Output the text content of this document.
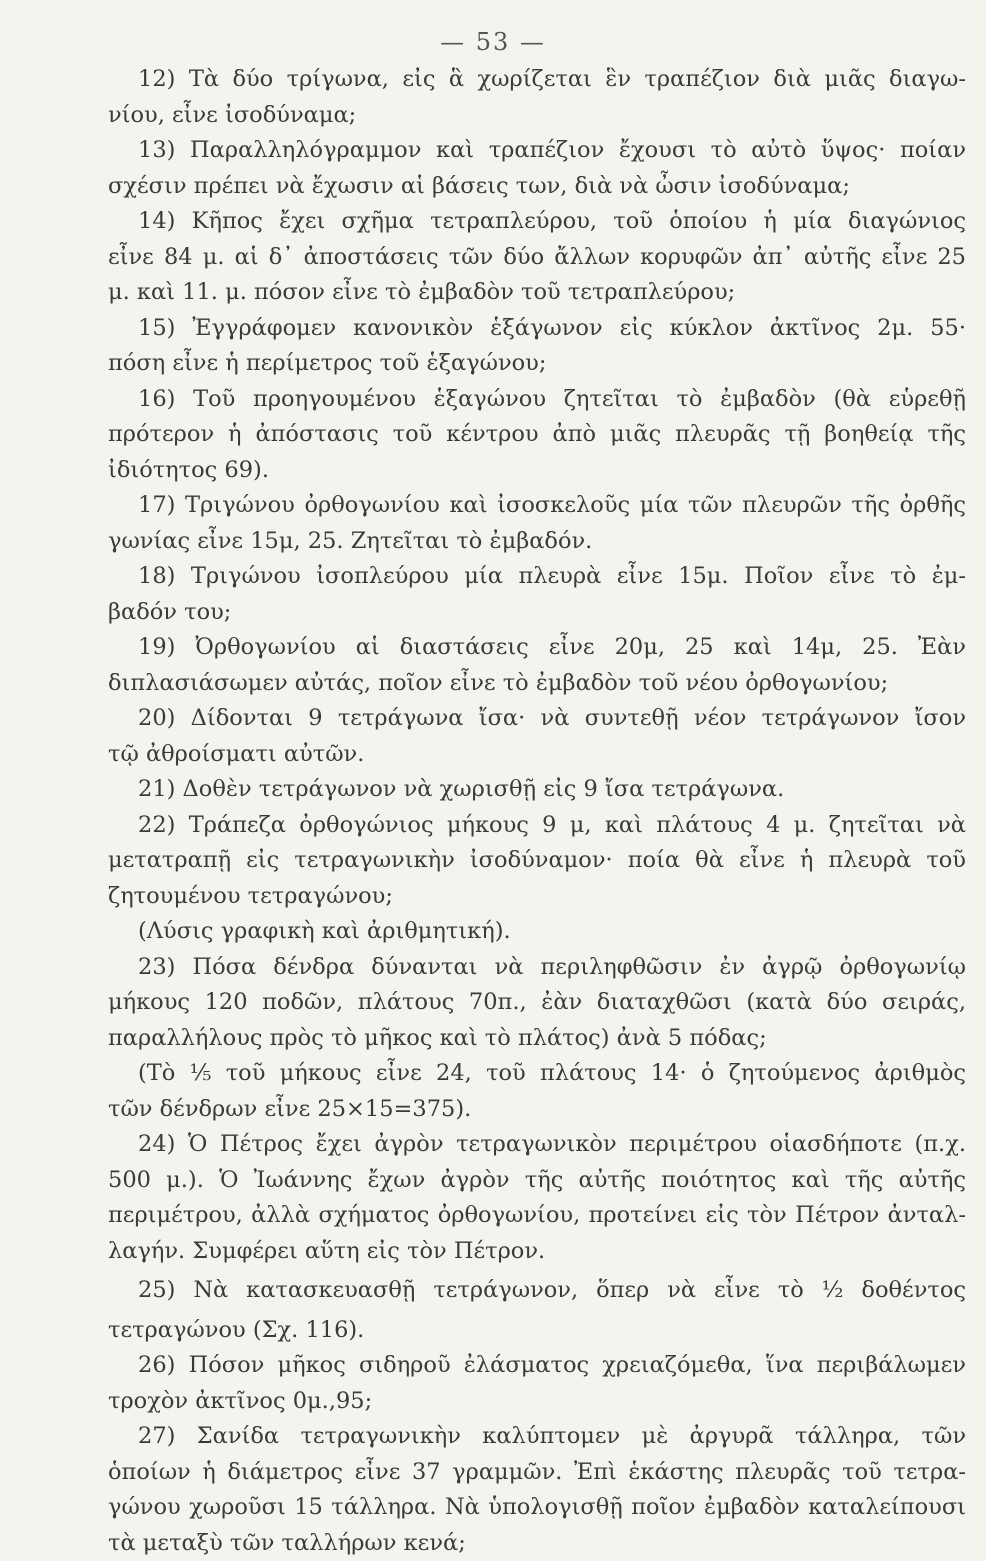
— 53 —
12) Τὰ δύο τρίγωνα, εἰς ἃ χωρίζεται ἓν τραπέζιον διὰ μιᾶς διαγω-
νίου, εἶνε ἰσοδύναμα;
13) Παραλληλόγραμμον καὶ τραπέζιον ἔχουσι τὸ αὐτὸ ὕψος· ποίαν
σχέσιν πρέπει νὰ ἔχωσιν αἱ βάσεις των, διὰ νὰ ὦσιν ἰσοδύναμα;
14) Κῆπος ἔχει σχῆμα τετραπλεύρου, τοῦ ὁποίου ἡ μία διαγώνιος
εἶνε 84 μ. αἱ δ᾽ ἀποστάσεις τῶν δύο ἄλλων κορυφῶν ἀπ᾽ αὐτῆς εἶνε 25
μ. καὶ 11. μ. πόσον εἶνε τὸ ἐμβαδὸν τοῦ τετραπλεύρου;
15) Ἐγγράφομεν κανονικὸν ἑξάγωνον εἰς κύκλον ἀκτῖνος 2μ. 55·
πόση εἶνε ἡ περίμετρος τοῦ ἑξαγώνου;
16) Τοῦ προηγουμένου ἑξαγώνου ζητεῖται τὸ ἐμβαδὸν (θὰ εὑρεθῇ
πρότερον ἡ ἀπόστασις τοῦ κέντρου ἀπὸ μιᾶς πλευρᾶς τῇ βοηθείᾳ τῆς
ἰδιότητος 69).
17) Τριγώνου ὀρθογωνίου καὶ ἰσοσκελοῦς μία τῶν πλευρῶν τῆς ὀρθῆς
γωνίας εἶνε 15μ, 25. Ζητεῖται τὸ ἐμβαδόν.
18) Τριγώνου ἰσοπλεύρου μία πλευρὰ εἶνε 15μ. Ποῖον εἶνε τὸ ἐμ-
βαδόν του;
19) Ὀρθογωνίου αἱ διαστάσεις εἶνε 20μ, 25 καὶ 14μ, 25. Ἐὰν
διπλασιάσωμεν αὐτάς, ποῖον εἶνε τὸ ἐμβαδὸν τοῦ νέου ὀρθογωνίου;
20) Δίδονται 9 τετράγωνα ἴσα· νὰ συντεθῇ νέον τετράγωνον ἴσον
τῷ ἀθροίσματι αὐτῶν.
21) Δοθὲν τετράγωνον νὰ χωρισθῇ εἰς 9 ἴσα τετράγωνα.
22) Τράπεζα ὀρθογώνιος μήκους 9 μ, καὶ πλάτους 4 μ. ζητεῖται νὰ
μετατραπῇ εἰς τετραγωνικὴν ἰσοδύναμον· ποία θὰ εἶνε ἡ πλευρὰ τοῦ
ζητουμένου τετραγώνου;
(Λύσις γραφικὴ καὶ ἀριθμητική).
23) Πόσα δένδρα δύνανται νὰ περιληφθῶσιν ἐν ἀγρῷ ὀρθογωνίῳ
μήκους 120 ποδῶν, πλάτους 70π., ἐὰν διαταχθῶσι (κατὰ δύο σειράς,
παραλλήλους πρὸς τὸ μῆκος καὶ τὸ πλάτος) ἀνὰ 5 πόδας;
(Τὸ ⅕ τοῦ μήκους εἶνε 24, τοῦ πλάτους 14· ὁ ζητούμενος ἀριθμὸς
τῶν δένδρων εἶνε 25×15=375).
24) Ὁ Πέτρος ἔχει ἀγρὸν τετραγωνικὸν περιμέτρου οἱασδήποτε (π.χ.
500 μ.). Ὁ Ἰωάννης ἔχων ἀγρὸν τῆς αὐτῆς ποιότητος καὶ τῆς αὐτῆς
περιμέτρου, ἀλλὰ σχήματος ὀρθογωνίου, προτείνει εἰς τὸν Πέτρον ἀνταλ-
λαγήν. Συμφέρει αὕτη εἰς τὸν Πέτρον.
25) Νὰ κατασκευασθῇ τετράγωνον, ὅπερ νὰ εἶνε τὸ ½ δοθέντος
τετραγώνου (Σχ. 116).
26) Πόσον μῆκος σιδηροῦ ἐλάσματος χρειαζόμεθα, ἵνα περιβάλωμεν
τροχὸν ἀκτῖνος 0μ.,95;
27) Σανίδα τετραγωνικὴν καλύπτομεν μὲ ἀργυρᾶ τάλληρα, τῶν
ὁποίων ἡ διάμετρος εἶνε 37 γραμμῶν. Ἐπὶ ἑκάστης πλευρᾶς τοῦ τετρα-
γώνου χωροῦσι 15 τάλληρα. Νὰ ὑπολογισθῇ ποῖον ἐμβαδὸν καταλείπουσι
τὰ μεταξὺ τῶν ταλλήρων κενά;
